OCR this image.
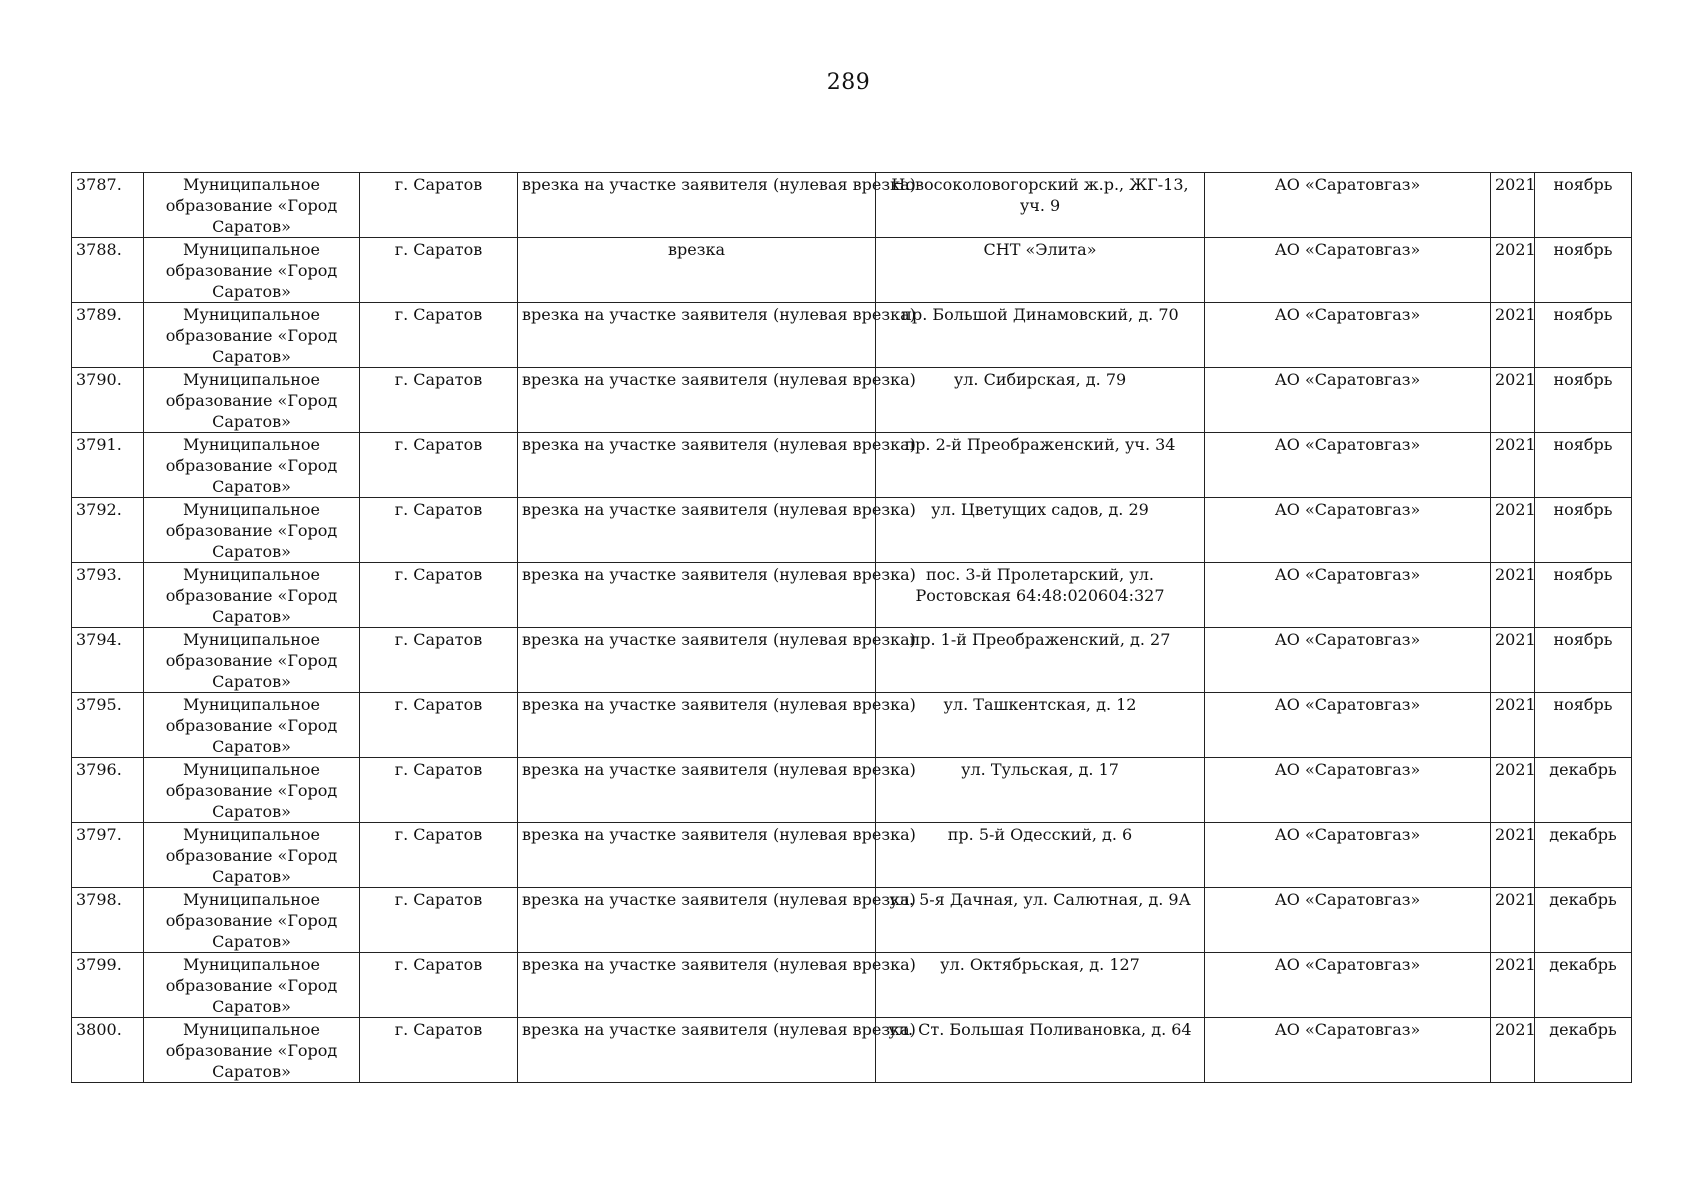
289
3787.	Муниципальное образование «Город Саратов»	г. Саратов	врезка на участке заявителя (нулевая врезка)	Новосоколовогорский ж.р., ЖГ-13, уч. 9	АО «Саратовгаз»	2021	ноябрь
3788.	Муниципальное образование «Город Саратов»	г. Саратов	врезка	СНТ «Элита»	АО «Саратовгаз»	2021	ноябрь
3789.	Муниципальное образование «Город Саратов»	г. Саратов	врезка на участке заявителя (нулевая врезка)	пр. Большой Динамовский, д. 70	АО «Саратовгаз»	2021	ноябрь
3790.	Муниципальное образование «Город Саратов»	г. Саратов	врезка на участке заявителя (нулевая врезка)	ул. Сибирская, д. 79	АО «Саратовгаз»	2021	ноябрь
3791.	Муниципальное образование «Город Саратов»	г. Саратов	врезка на участке заявителя (нулевая врезка)	пр. 2-й Преображенский, уч. 34	АО «Саратовгаз»	2021	ноябрь
3792.	Муниципальное образование «Город Саратов»	г. Саратов	врезка на участке заявителя (нулевая врезка)	ул. Цветущих садов, д. 29	АО «Саратовгаз»	2021	ноябрь
3793.	Муниципальное образование «Город Саратов»	г. Саратов	врезка на участке заявителя (нулевая врезка)	пос. 3-й Пролетарский, ул. Ростовская 64:48:020604:327	АО «Саратовгаз»	2021	ноябрь
3794.	Муниципальное образование «Город Саратов»	г. Саратов	врезка на участке заявителя (нулевая врезка)	пр. 1-й Преображенский, д. 27	АО «Саратовгаз»	2021	ноябрь
3795.	Муниципальное образование «Город Саратов»	г. Саратов	врезка на участке заявителя (нулевая врезка)	ул. Ташкентская, д. 12	АО «Саратовгаз»	2021	ноябрь
3796.	Муниципальное образование «Город Саратов»	г. Саратов	врезка на участке заявителя (нулевая врезка)	ул. Тульская, д. 17	АО «Саратовгаз»	2021	декабрь
3797.	Муниципальное образование «Город Саратов»	г. Саратов	врезка на участке заявителя (нулевая врезка)	пр. 5-й Одесский, д. 6	АО «Саратовгаз»	2021	декабрь
3798.	Муниципальное образование «Город Саратов»	г. Саратов	врезка на участке заявителя (нулевая врезка)	ул. 5-я Дачная, ул. Салютная, д. 9А	АО «Саратовгаз»	2021	декабрь
3799.	Муниципальное образование «Город Саратов»	г. Саратов	врезка на участке заявителя (нулевая врезка)	ул. Октябрьская, д. 127	АО «Саратовгаз»	2021	декабрь
3800.	Муниципальное образование «Город Саратов»	г. Саратов	врезка на участке заявителя (нулевая врезка)	ул. Ст. Большая Поливановка, д. 64	АО «Саратовгаз»	2021	декабрь
